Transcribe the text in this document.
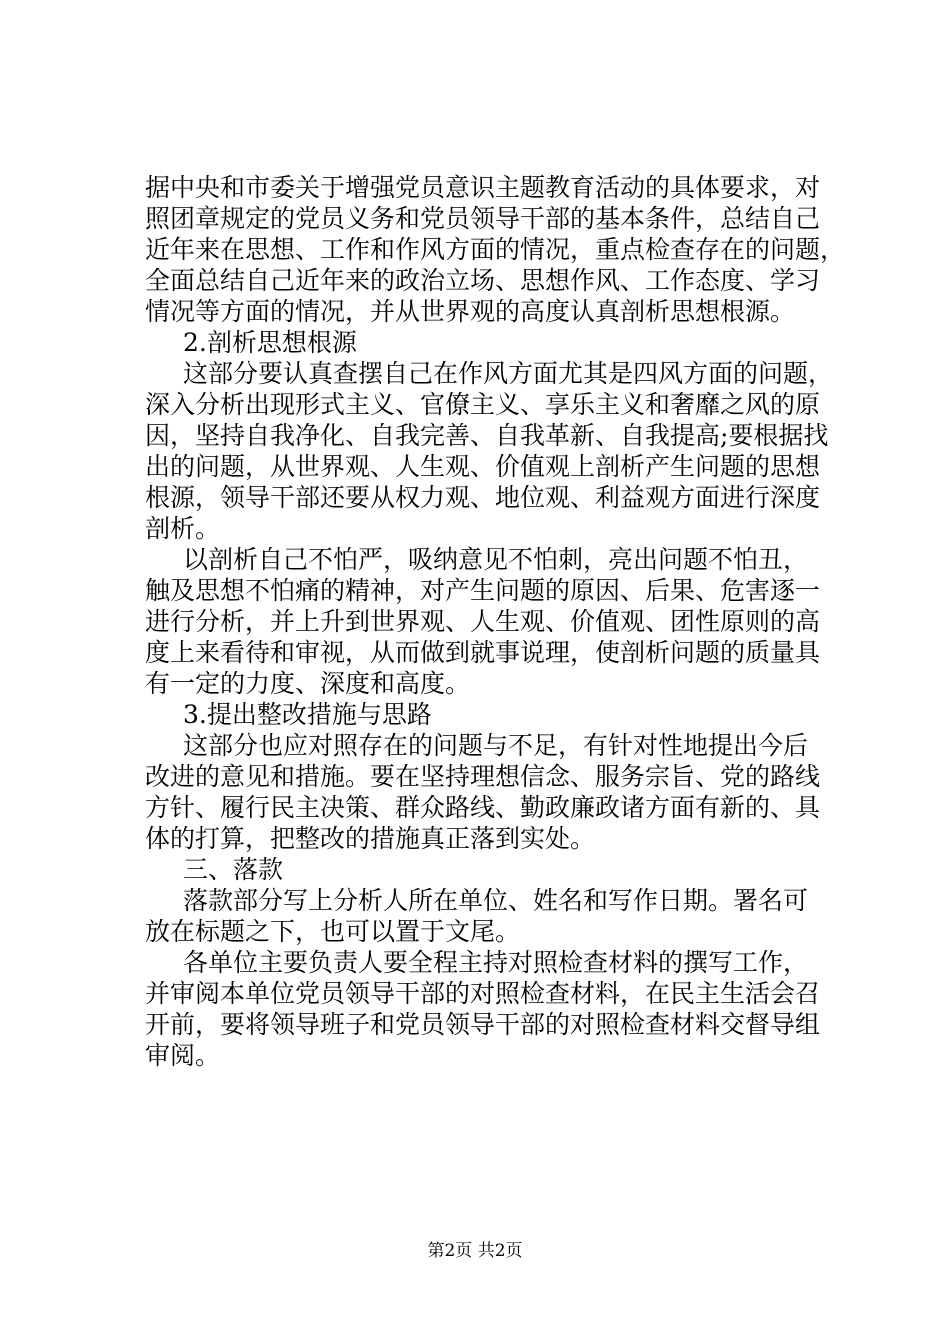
据中央和市委关于增强党员意识主题教育活动的具体要求，对
照团章规定的党员义务和党员领导干部的基本条件，总结自己
近年来在思想、工作和作风方面的情况，重点检查存在的问题，
全面总结自己近年来的政治立场、思想作风、工作态度、学习
情况等方面的情况，并从世界观的高度认真剖析思想根源。
2.剖析思想根源
这部分要认真查摆自己在作风方面尤其是四风方面的问题，
深入分析出现形式主义、官僚主义、享乐主义和奢靡之风的原
因，坚持自我净化、自我完善、自我革新、自我提高;要根据找
出的问题，从世界观、人生观、价值观上剖析产生问题的思想
根源，领导干部还要从权力观、地位观、利益观方面进行深度
剖析。
以剖析自己不怕严，吸纳意见不怕刺，亮出问题不怕丑，
触及思想不怕痛的精神，对产生问题的原因、后果、危害逐一
进行分析，并上升到世界观、人生观、价值观、团性原则的高
度上来看待和审视，从而做到就事说理，使剖析问题的质量具
有一定的力度、深度和高度。
3.提出整改措施与思路
这部分也应对照存在的问题与不足，有针对性地提出今后
改进的意见和措施。要在坚持理想信念、服务宗旨、党的路线
方针、履行民主决策、群众路线、勤政廉政诸方面有新的、具
体的打算，把整改的措施真正落到实处。
三、落款
落款部分写上分析人所在单位、姓名和写作日期。署名可
放在标题之下，也可以置于文尾。
各单位主要负责人要全程主持对照检查材料的撰写工作，
并审阅本单位党员领导干部的对照检查材料，在民主生活会召
开前，要将领导班子和党员领导干部的对照检查材料交督导组
审阅。
第2页 共2页
